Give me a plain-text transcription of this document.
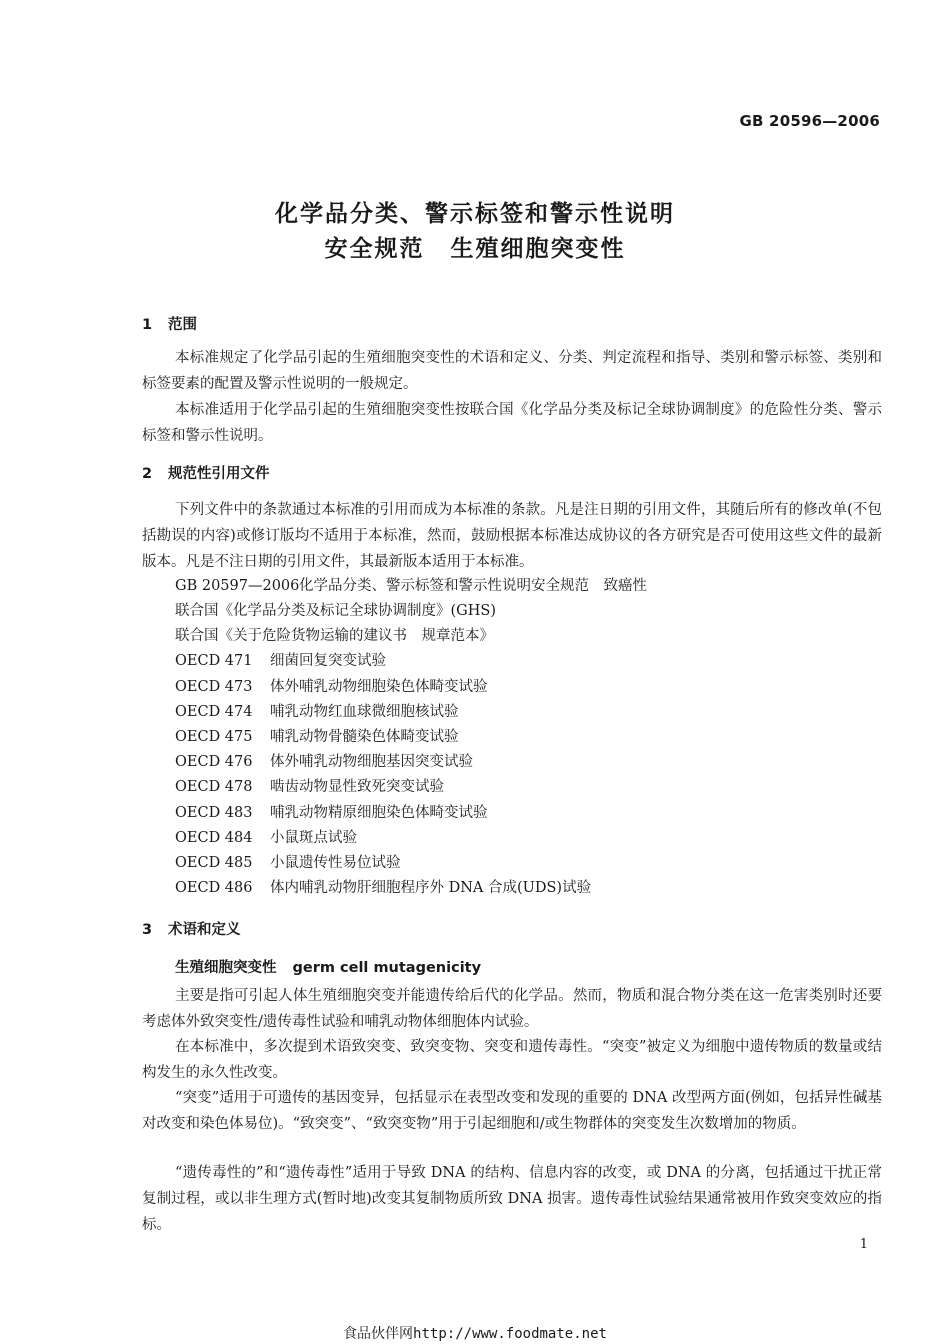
GB 20596—2006
化学品分类、警示标签和警示性说明
安全规范 生殖细胞突变性
1 范围
本标准规定了化学品引起的生殖细胞突变性的术语和定义、分类、判定流程和指导、类别和警示标签、类别和标签要素的配置及警示性说明的一般规定。
本标准适用于化学品引起的生殖细胞突变性按联合国《化学品分类及标记全球协调制度》的危险性分类、警示标签和警示性说明。
2 规范性引用文件
下列文件中的条款通过本标准的引用而成为本标准的条款。凡是注日期的引用文件，其随后所有的修改单(不包括勘误的内容)或修订版均不适用于本标准，然而，鼓励根据本标准达成协议的各方研究是否可使用这些文件的最新版本。凡是不注日期的引用文件，其最新版本适用于本标准。
GB 20597—2006化学品分类、警示标签和警示性说明安全规范　致癌性
联合国《化学品分类及标记全球协调制度》(GHS)
联合国《关于危险货物运输的建议书　规章范本》
OECD 471 细菌回复突变试验
OECD 473 体外哺乳动物细胞染色体畸变试验
OECD 474 哺乳动物红血球微细胞核试验
OECD 475 哺乳动物骨髓染色体畸变试验
OECD 476 体外哺乳动物细胞基因突变试验
OECD 478 啮齿动物显性致死突变试验
OECD 483 哺乳动物精原细胞染色体畸变试验
OECD 484 小鼠斑点试验
OECD 485 小鼠遗传性易位试验
OECD 486 体内哺乳动物肝细胞程序外 DNA 合成(UDS)试验
3 术语和定义
生殖细胞突变性 germ cell mutagenicity
主要是指可引起人体生殖细胞突变并能遗传给后代的化学品。然而，物质和混合物分类在这一危害类别时还要考虑体外致突变性/遗传毒性试验和哺乳动物体细胞体内试验。
在本标准中，多次提到术语致突变、致突变物、突变和遗传毒性。“突变”被定义为细胞中遗传物质的数量或结构发生的永久性改变。
“突变”适用于可遗传的基因变异，包括显示在表型改变和发现的重要的 DNA 改型两方面(例如，包括异性碱基对改变和染色体易位)。“致突变”、“致突变物”用于引起细胞和/或生物群体的突变发生次数增加的物质。
“遗传毒性的”和“遗传毒性”适用于导致 DNA 的结构、信息内容的改变，或 DNA 的分离，包括通过干扰正常复制过程，或以非生理方式(暂时地)改变其复制物质所致 DNA 损害。遗传毒性试验结果通常被用作致突变效应的指标。
1
食品伙伴网http://www.foodmate.net
